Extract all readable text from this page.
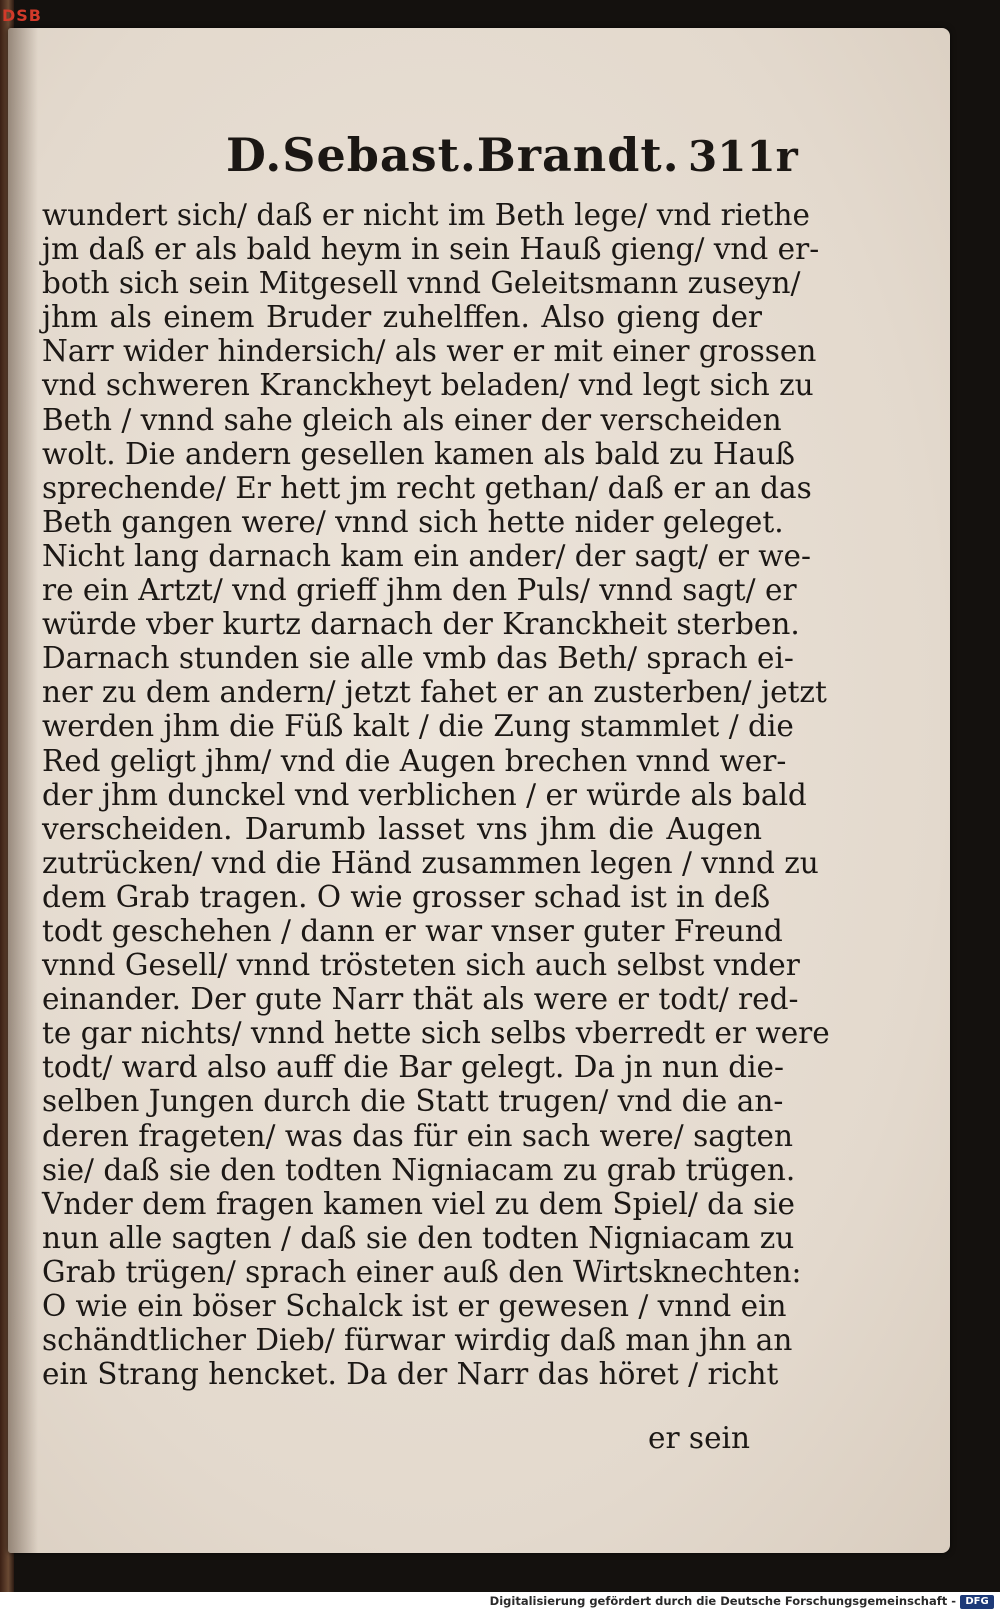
DSB
D.Sebast.Brandt. 311r
wundert sich/ daß er nicht im Beth lege/ vnd riethe
jm daß er als bald heym in sein Hauß gieng/ vnd er-
both sich sein Mitgesell vnnd Geleitsmann zuseyn/
jhm als einem Bruder zuhelffen. Also gieng der
Narr wider hindersich/ als wer er mit einer grossen
vnd schweren Kranckheyt beladen/ vnd legt sich zu
Beth / vnnd sahe gleich als einer der verscheiden
wolt. Die andern gesellen kamen als bald zu Hauß
sprechende/ Er hett jm recht gethan/ daß er an das
Beth gangen were/ vnnd sich hette nider geleget.
Nicht lang darnach kam ein ander/ der sagt/ er we-
re ein Artzt/ vnd grieff jhm den Puls/ vnnd sagt/ er
würde vber kurtz darnach der Kranckheit sterben.
Darnach stunden sie alle vmb das Beth/ sprach ei-
ner zu dem andern/ jetzt fahet er an zusterben/ jetzt
werden jhm die Füß kalt / die Zung stammlet / die
Red geligt jhm/ vnd die Augen brechen vnnd wer-
der jhm dunckel vnd verblichen / er würde als bald
verscheiden. Darumb lasset vns jhm die Augen
zutrücken/ vnd die Händ zusammen legen / vnnd zu
dem Grab tragen. O wie grosser schad ist in deß
todt geschehen / dann er war vnser guter Freund
vnnd Gesell/ vnnd trösteten sich auch selbst vnder
einander. Der gute Narr thät als were er todt/ red-
te gar nichts/ vnnd hette sich selbs vberredt er were
todt/ ward also auff die Bar gelegt. Da jn nun die-
selben Jungen durch die Statt trugen/ vnd die an-
deren frageten/ was das für ein sach were/ sagten
sie/ daß sie den todten Nigniacam zu grab trügen.
Vnder dem fragen kamen viel zu dem Spiel/ da sie
nun alle sagten / daß sie den todten Nigniacam zu
Grab trügen/ sprach einer auß den Wirtsknechten:
O wie ein böser Schalck ist er gewesen / vnnd ein
schändtlicher Dieb/ fürwar wirdig daß man jhn an
ein Strang hencket. Da der Narr das höret / richt
er sein
Digitalisierung gefördert durch die Deutsche Forschungsgemeinschaft - DFG
